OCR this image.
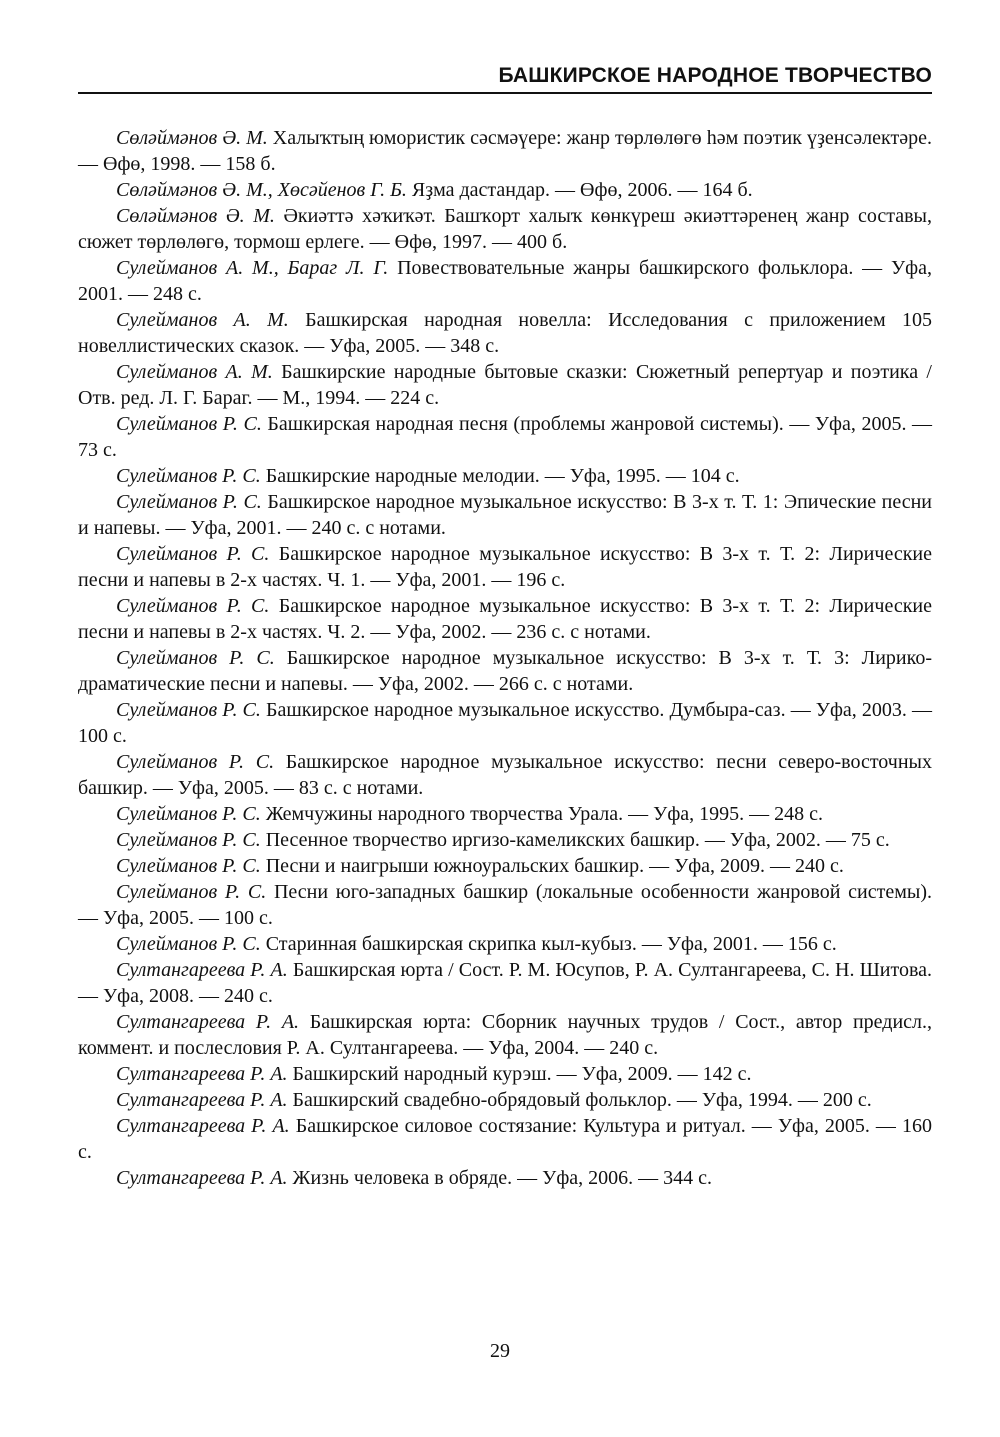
БАШКИРСКОЕ НАРОДНОЕ ТВОРЧЕСТВО
Сөләймәнов Ә. М. Халыҡтың юмористик сәсмәүере: жанр төрлөлөгө һәм поэтик үҙенсәлектәре. — Өфө, 1998. — 158 б.
Сөләймәнов Ә. М., Хөсәйенов Г. Б. Яҙма дастандар. — Өфө, 2006. — 164 б.
Сөләймәнов Ә. М. Әкиәттә хәҡиҡәт. Башҡорт халыҡ көнкүреш әкиәттәренең жанр составы, сюжет төрлөлөгө, тормош ерлеге. — Өфө, 1997. — 400 б.
Сулейманов А. М., Бараг Л. Г. Повествовательные жанры башкирского фольклора. — Уфа, 2001. — 248 с.
Сулейманов А. М. Башкирская народная новелла: Исследования с приложением 105 новеллистических сказок. — Уфа, 2005. — 348 с.
Сулейманов А. М. Башкирские народные бытовые сказки: Сюжетный репертуар и поэтика / Отв. ред. Л. Г. Бараг. — М., 1994. — 224 с.
Сулейманов Р. С. Башкирская народная песня (проблемы жанровой системы). — Уфа, 2005. — 73 с.
Сулейманов Р. С. Башкирские народные мелодии. — Уфа, 1995. — 104 с.
Сулейманов Р. С. Башкирское народное музыкальное искусство: В 3-х т. Т. 1: Эпические песни и напевы. — Уфа, 2001. — 240 с. с нотами.
Сулейманов Р. С. Башкирское народное музыкальное искусство: В 3-х т. Т. 2: Лирические песни и напевы в 2-х частях. Ч. 1. — Уфа, 2001. — 196 с.
Сулейманов Р. С. Башкирское народное музыкальное искусство: В 3-х т. Т. 2: Лирические песни и напевы в 2-х частях. Ч. 2. — Уфа, 2002. — 236 с. с нотами.
Сулейманов Р. С. Башкирское народное музыкальное искусство: В 3-х т. Т. 3: Лирико-драматические песни и напевы. — Уфа, 2002. — 266 с. с нотами.
Сулейманов Р. С. Башкирское народное музыкальное искусство. Думбыра-саз. — Уфа, 2003. — 100 с.
Сулейманов Р. С. Башкирское народное музыкальное искусство: песни северо-восточных башкир. — Уфа, 2005. — 83 с. с нотами.
Сулейманов Р. С. Жемчужины народного творчества Урала. — Уфа, 1995. — 248 с.
Сулейманов Р. С. Песенное творчество иргизо-камеликских башкир. — Уфа, 2002. — 75 с.
Сулейманов Р. С. Песни и наигрыши южноуральских башкир. — Уфа, 2009. — 240 с.
Сулейманов Р. С. Песни юго-западных башкир (локальные особенности жанровой системы). — Уфа, 2005. — 100 с.
Сулейманов Р. С. Старинная башкирская скрипка кыл-кубыз. — Уфа, 2001. — 156 с.
Султангареева Р. А. Башкирская юрта / Сост. Р. М. Юсупов, Р. А. Султангареева, С. Н. Шитова. — Уфа, 2008. — 240 с.
Султангареева Р. А. Башкирская юрта: Сборник научных трудов / Сост., автор предисл., коммент. и послесловия Р. А. Султангареева. — Уфа, 2004. — 240 с.
Султангареева Р. А. Башкирский народный курэш. — Уфа, 2009. — 142 с.
Султангареева Р. А. Башкирский свадебно-обрядовый фольклор. — Уфа, 1994. — 200 с.
Султангареева Р. А. Башкирское силовое состязание: Культура и ритуал. — Уфа, 2005. — 160 с.
Султангареева Р. А. Жизнь человека в обряде. — Уфа, 2006. — 344 с.
29
